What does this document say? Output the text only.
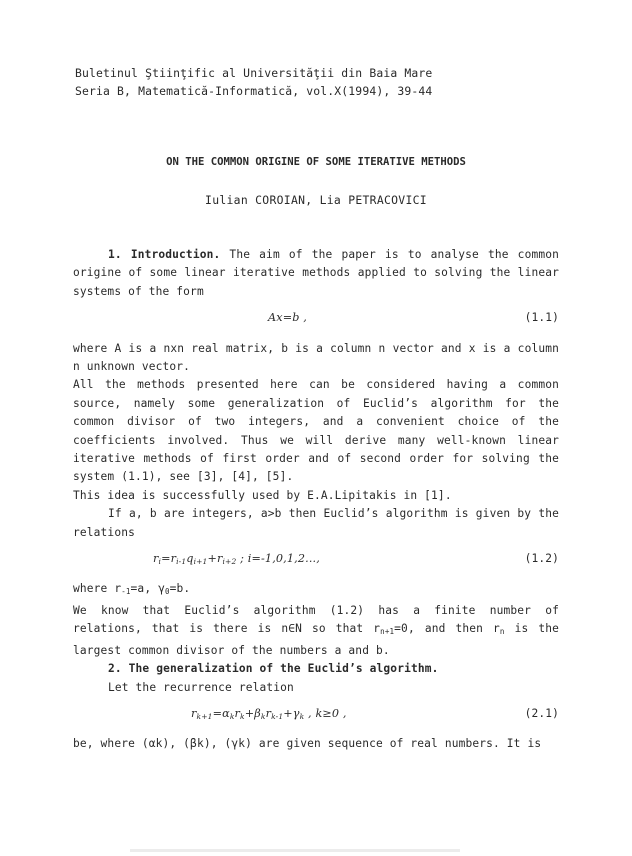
Buletinul Ştiinţific al Universităţii din Baia Mare
Seria B, Matematică-Informatică, vol.X(1994), 39-44
ON THE COMMON ORIGINE OF SOME ITERATIVE METHODS
Iulian COROIAN, Lia PETRACOVICI

1. Introduction. The aim of the paper is to analyse the common origine of some linear iterative methods applied to solving the linear systems of the form

Ax=b ,	(1.1)

where A is a nxn real matrix, b is a column n vector and x is a column n unknown vector.

All the methods presented here can be considered having a common source, namely some generalization of Euclid’s algorithm for the common divisor of two integers, and a convenient choice of the coefficients involved. Thus we will derive many well-known linear iterative methods of first order and of second order for solving the system (1.1), see [3], [4], [5].

This idea is successfully used by E.A.Lipitakis in [1].

If a, b are integers, a>b then Euclid’s algorithm is given by the relations

$r_i=r_{i-1}q_{i+1}+r_{i+2}$ ; i=-1,0,1,2...,	(1.2)

where $r_{-1}=a$, $\gamma_0=b$.

We know that Euclid’s algorithm (1.2) has a finite number of relations, that is there is n∈N so that $r_{n+1}=0$, and then $r_n$ is the largest common divisor of the numbers a and b.

2. The generalization of the Euclid’s algorithm.

Let the recurrence relation

$r_{k+1}=\alpha_kr_k+\beta_kr_{k-1}+\gamma_k$ , k≥0 ,	(2.1)

be, where (αk), (βk), (γk) are given sequence of real numbers. It is
